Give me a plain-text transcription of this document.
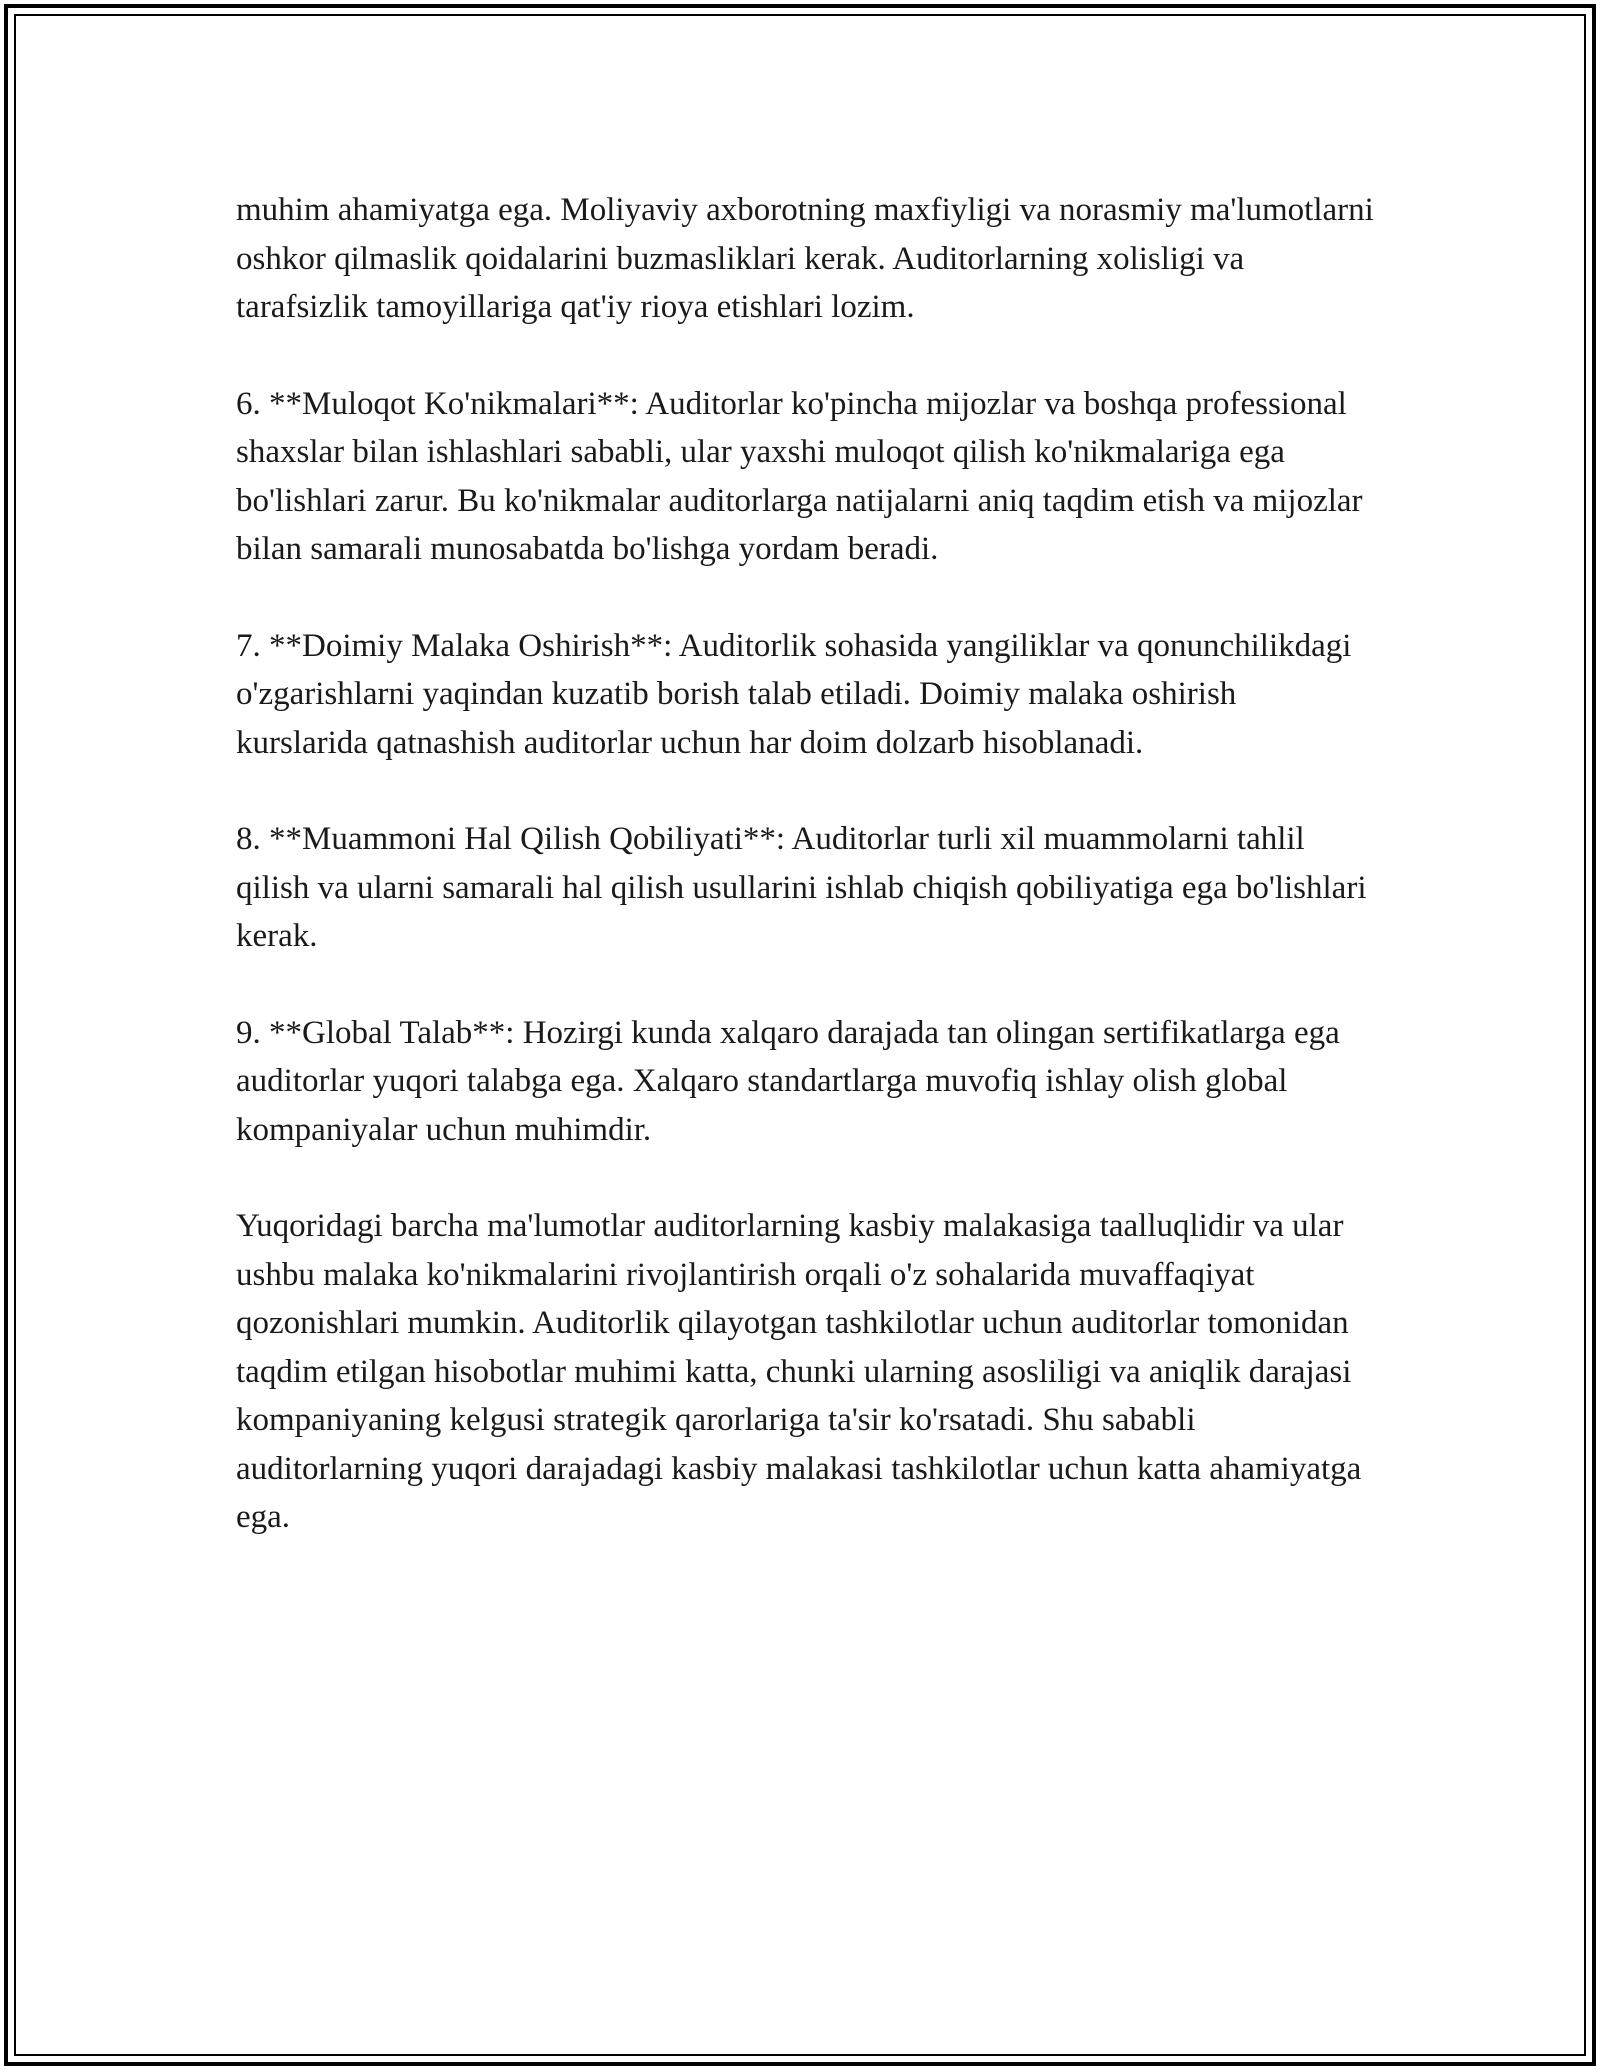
muhim ahamiyatga ega. Moliyaviy axborotning maxfiyligi va norasmiy ma'lumotlarni oshkor qilmaslik qoidalarini buzmasliklari kerak. Auditorlarning xolisligi va tarafsizlik tamoyillariga qat'iy rioya etishlari lozim.

6. **Muloqot Ko'nikmalari**: Auditorlar ko'pincha mijozlar va boshqa professional shaxslar bilan ishlashlari sababli, ular yaxshi muloqot qilish ko'nikmalariga ega bo'lishlari zarur. Bu ko'nikmalar auditorlarga natijalarni aniq taqdim etish va mijozlar bilan samarali munosabatda bo'lishga yordam beradi.

7. **Doimiy Malaka Oshirish**: Auditorlik sohasida yangiliklar va qonunchilikdagi o'zgarishlarni yaqindan kuzatib borish talab etiladi. Doimiy malaka oshirish kurslarida qatnashish auditorlar uchun har doim dolzarb hisoblanadi.

8. **Muammoni Hal Qilish Qobiliyati**: Auditorlar turli xil muammolarni tahlil qilish va ularni samarali hal qilish usullarini ishlab chiqish qobiliyatiga ega bo'lishlari kerak.

9. **Global Talab**: Hozirgi kunda xalqaro darajada tan olingan sertifikatlarga ega auditorlar yuqori talabga ega. Xalqaro standartlarga muvofiq ishlay olish global kompaniyalar uchun muhimdir.

Yuqoridagi barcha ma'lumotlar auditorlarning kasbiy malakasiga taalluqlidir va ular ushbu malaka ko'nikmalarini rivojlantirish orqali o'z sohalarida muvaffaqiyat qozonishlari mumkin. Auditorlik qilayotgan tashkilotlar uchun auditorlar tomonidan taqdim etilgan hisobotlar muhimi katta, chunki ularning asosliligi va aniqlik darajasi kompaniyaning kelgusi strategik qarorlariga ta'sir ko'rsatadi. Shu sababli auditorlarning yuqori darajadagi kasbiy malakasi tashkilotlar uchun katta ahamiyatga ega.
